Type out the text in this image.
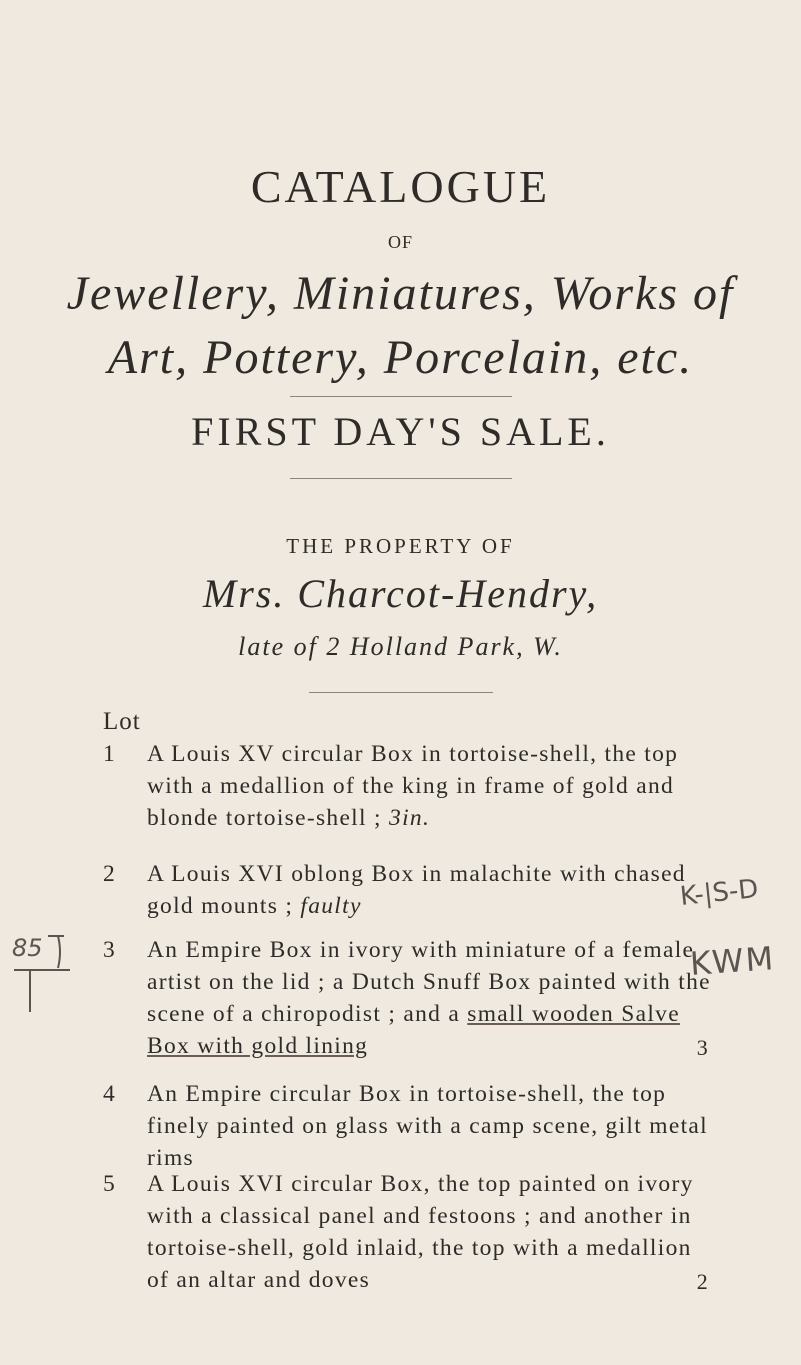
CATALOGUE
OF
Jewellery, Miniatures, Works of
Art, Pottery, Porcelain, etc.
FIRST DAY'S SALE.
THE PROPERTY OF
Mrs. Charcot-Hendry,
late of 2 Holland Park, W.
Lot
1	A Louis XV circular Box in tortoise-shell, the top with a medallion of the king in frame of gold and blonde tortoise-shell ; 3in.
2	A Louis XVI oblong Box in malachite with chased gold mounts ; faulty
3	An Empire Box in ivory with miniature of a female artist on the lid ; a Dutch Snuff Box painted with the scene of a chiropodist ; and a small wooden Salve Box with gold lining	3
4	An Empire circular Box in tortoise-shell, the top finely painted on glass with a camp scene, gilt metal rims
5	A Louis XVI circular Box, the top painted on ivory with a classical panel and festoons ; and another in tortoise-shell, gold inlaid, the top with a medallion of an altar and doves	2
85
K-|S-D
KWM
